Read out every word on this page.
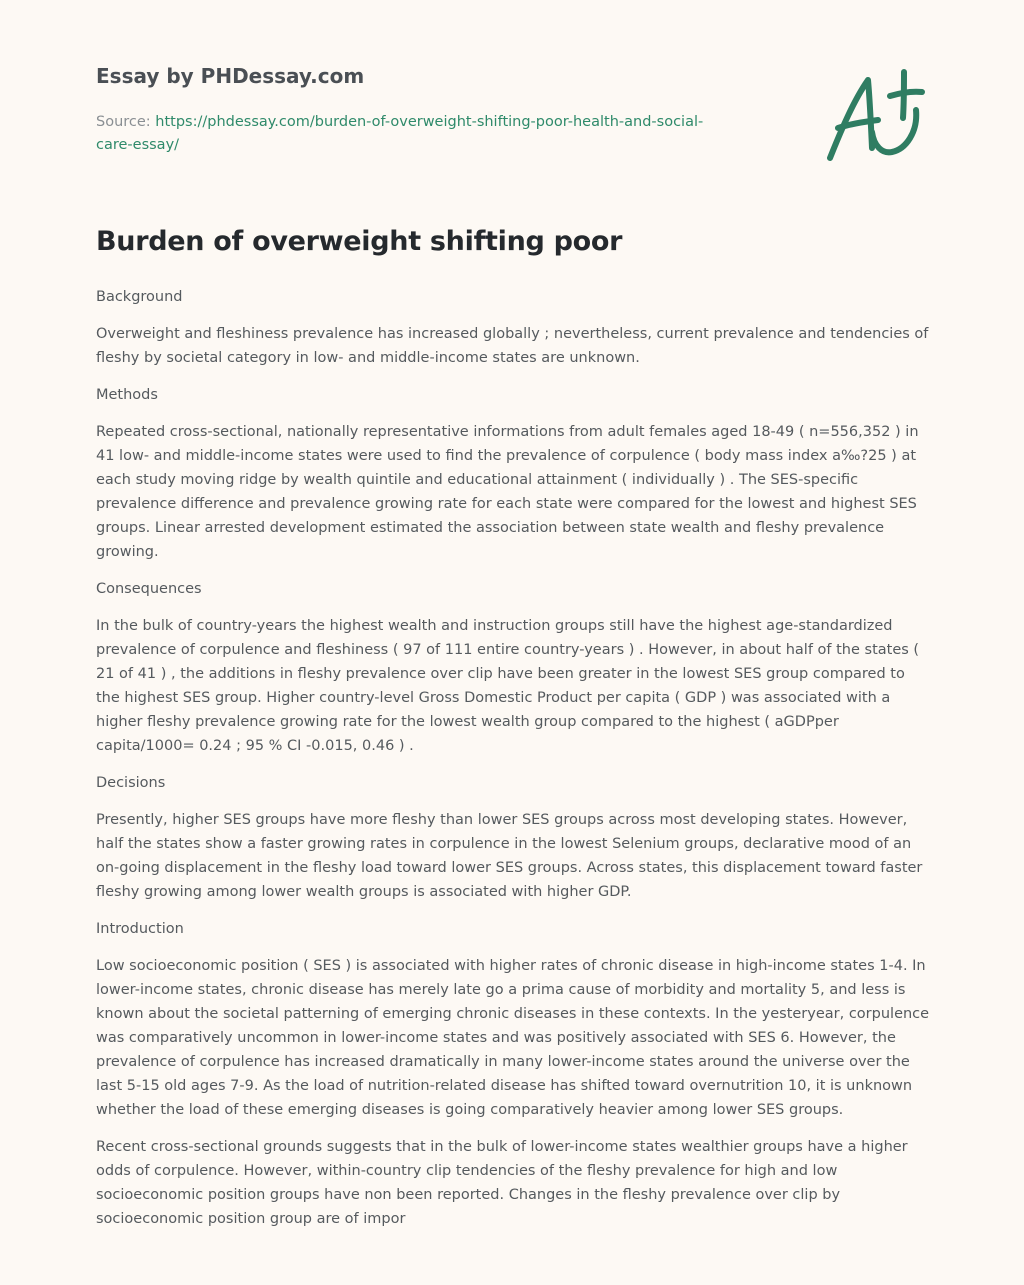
Essay by PHDessay.com
Source: https://phdessay.com/burden-of-overweight-shifting-poor-health-and-social-care-essay/
Burden of overweight shifting poor

Background

Overweight and fleshiness prevalence has increased globally ; nevertheless, current prevalence and tendencies of fleshy by societal category in low- and middle-income states are unknown.

Methods

Repeated cross-sectional, nationally representative informations from adult females aged 18-49 ( n=556,352 ) in 41 low- and middle-income states were used to find the prevalence of corpulence ( body mass index a‰?25 ) at each study moving ridge by wealth quintile and educational attainment ( individually ) . The SES-specific prevalence difference and prevalence growing rate for each state were compared for the lowest and highest SES groups. Linear arrested development estimated the association between state wealth and fleshy prevalence growing.

Consequences

In the bulk of country-years the highest wealth and instruction groups still have the highest age-standardized prevalence of corpulence and fleshiness ( 97 of 111 entire country-years ) . However, in about half of the states ( 21 of 41 ) , the additions in fleshy prevalence over clip have been greater in the lowest SES group compared to the highest SES group. Higher country-level Gross Domestic Product per capita ( GDP ) was associated with a higher fleshy prevalence growing rate for the lowest wealth group compared to the highest ( aGDPper capita/1000= 0.24 ; 95 % CI -0.015, 0.46 ) .

Decisions

Presently, higher SES groups have more fleshy than lower SES groups across most developing states. However, half the states show a faster growing rates in corpulence in the lowest Selenium groups, declarative mood of an on-going displacement in the fleshy load toward lower SES groups. Across states, this displacement toward faster fleshy growing among lower wealth groups is associated with higher GDP.

Introduction

Low socioeconomic position ( SES ) is associated with higher rates of chronic disease in high-income states 1-4. In lower-income states, chronic disease has merely late go a prima cause of morbidity and mortality 5, and less is known about the societal patterning of emerging chronic diseases in these contexts. In the yesteryear, corpulence was comparatively uncommon in lower-income states and was positively associated with SES 6. However, the prevalence of corpulence has increased dramatically in many lower-income states around the universe over the last 5-15 old ages 7-9. As the load of nutrition-related disease has shifted toward overnutrition 10, it is unknown whether the load of these emerging diseases is going comparatively heavier among lower SES groups.

Recent cross-sectional grounds suggests that in the bulk of lower-income states wealthier groups have a higher odds of corpulence. However, within-country clip tendencies of the fleshy prevalence for high and low socioeconomic position groups have non been reported. Changes in the fleshy prevalence over clip by socioeconomic position group are of impor
